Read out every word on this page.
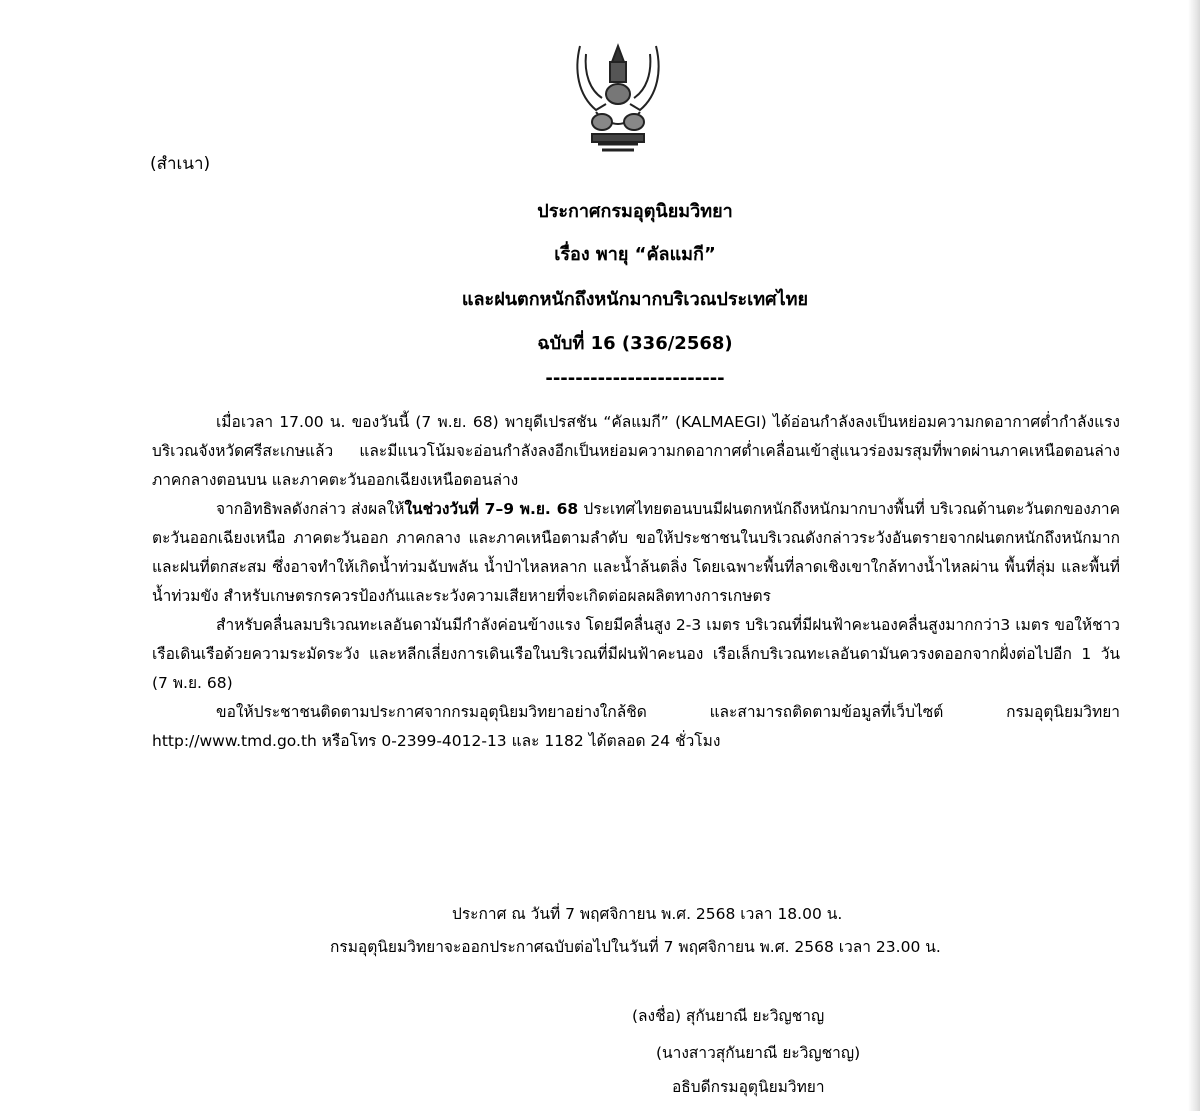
(สำเนา)
ประกาศกรมอุตุนิยมวิทยา
เรื่อง พายุ “คัลแมกี”
และฝนตกหนักถึงหนักมากบริเวณประเทศไทย
ฉบับที่ 16 (336/2568)
------------------------

เมื่อเวลา 17.00 น. ของวันนี้ (7 พ.ย. 68) พายุดีเปรสชัน “คัลแมกี” (KALMAEGI) ได้อ่อนกำลังลงเป็นหย่อมความกดอากาศต่ำกำลังแรงบริเวณจังหวัดศรีสะเกษแล้ว และมีแนวโน้มจะอ่อนกำลังลงอีกเป็นหย่อมความกดอากาศต่ำเคลื่อนเข้าสู่แนวร่องมรสุมที่พาดผ่านภาคเหนือตอนล่าง ภาคกลางตอนบน และภาคตะวันออกเฉียงเหนือตอนล่าง

จากอิทธิพลดังกล่าว ส่งผลให้ในช่วงวันที่ 7–9 พ.ย. 68 ประเทศไทยตอนบนมีฝนตกหนักถึงหนักมากบางพื้นที่ บริเวณด้านตะวันตกของภาคตะวันออกเฉียงเหนือ ภาคตะวันออก ภาคกลาง และภาคเหนือตามลำดับ ขอให้ประชาชนในบริเวณดังกล่าวระวังอันตรายจากฝนตกหนักถึงหนักมาก และฝนที่ตกสะสม ซึ่งอาจทำให้เกิดน้ำท่วมฉับพลัน น้ำป่าไหลหลาก และน้ำล้นตลิ่ง โดยเฉพาะพื้นที่ลาดเชิงเขาใกล้ทางน้ำไหลผ่าน พื้นที่ลุ่ม และพื้นที่น้ำท่วมขัง สำหรับเกษตรกรควรป้องกันและระวังความเสียหายที่จะเกิดต่อผลผลิตทางการเกษตร

สำหรับคลื่นลมบริเวณทะเลอันดามันมีกำลังค่อนข้างแรง โดยมีคลื่นสูง 2-3 เมตร บริเวณที่มีฝนฟ้าคะนองคลื่นสูงมากกว่า3 เมตร ขอให้ชาวเรือเดินเรือด้วยความระมัดระวัง และหลีกเลี่ยงการเดินเรือในบริเวณที่มีฝนฟ้าคะนอง เรือเล็กบริเวณทะเลอันดามันควรงดออกจากฝั่งต่อไปอีก 1 วัน (7 พ.ย. 68)

ขอให้ประชาชนติดตามประกาศจากกรมอุตุนิยมวิทยาอย่างใกล้ชิด และสามารถติดตามข้อมูลที่เว็บไซต์ กรมอุตุนิยมวิทยา http://www.tmd.go.th หรือโทร 0-2399-4012-13 และ 1182 ได้ตลอด 24 ชั่วโมง

ประกาศ ณ วันที่ 7 พฤศจิกายน พ.ศ. 2568 เวลา 18.00 น.
กรมอุตุนิยมวิทยาจะออกประกาศฉบับต่อไปในวันที่ 7 พฤศจิกายน พ.ศ. 2568 เวลา 23.00 น.
(ลงชื่อ) สุกันยาณี ยะวิญชาญ
(นางสาวสุกันยาณี ยะวิญชาญ)
อธิบดีกรมอุตุนิยมวิทยา
